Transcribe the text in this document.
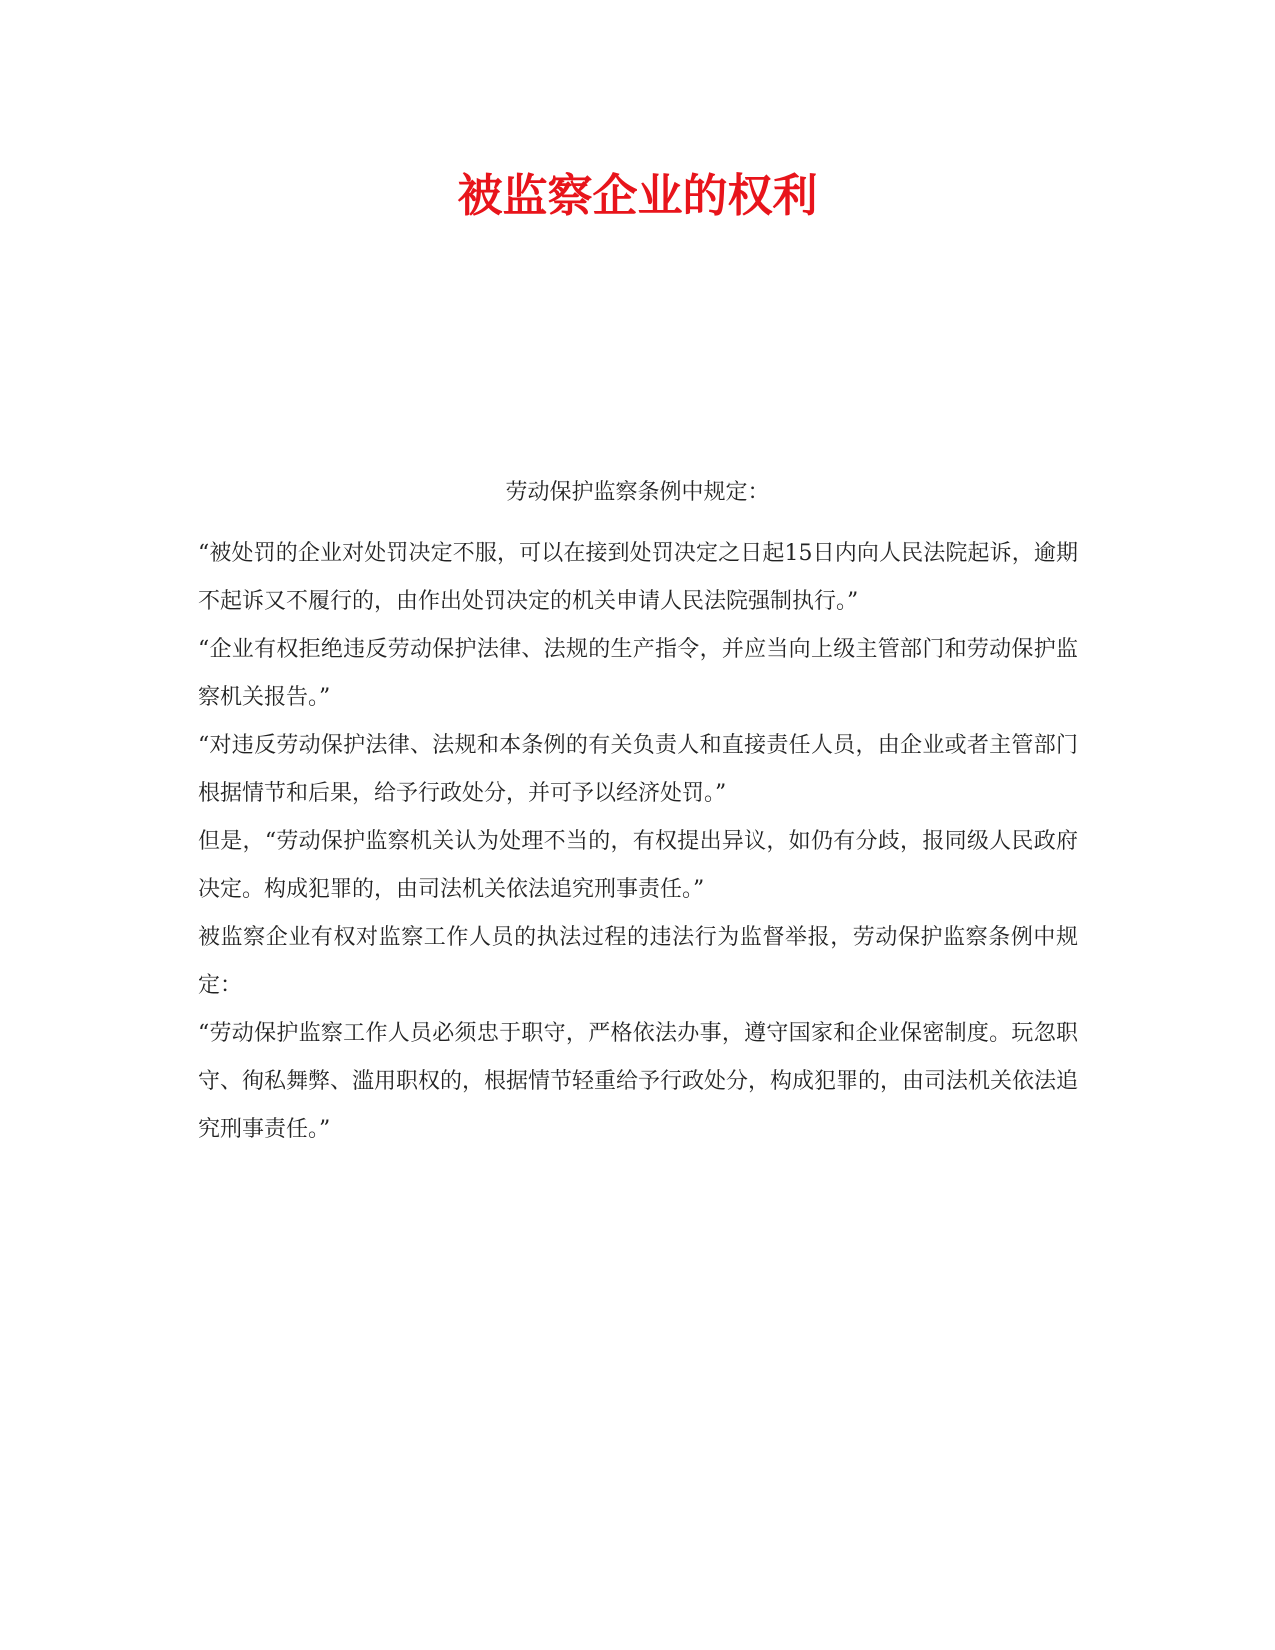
被监察企业的权利

劳动保护监察条例中规定：

“被处罚的企业对处罚决定不服，可以在接到处罚决定之日起15日内向人民法院起诉，逾期不起诉又不履行的，由作出处罚决定的机关申请人民法院强制执行。”

“企业有权拒绝违反劳动保护法律、法规的生产指令，并应当向上级主管部门和劳动保护监察机关报告。”

“对违反劳动保护法律、法规和本条例的有关负责人和直接责任人员，由企业或者主管部门根据情节和后果，给予行政处分，并可予以经济处罚。”

但是，“劳动保护监察机关认为处理不当的，有权提出异议，如仍有分歧，报同级人民政府决定。构成犯罪的，由司法机关依法追究刑事责任。”

被监察企业有权对监察工作人员的执法过程的违法行为监督举报，劳动保护监察条例中规定：

“劳动保护监察工作人员必须忠于职守，严格依法办事，遵守国家和企业保密制度。玩忽职守、徇私舞弊、滥用职权的，根据情节轻重给予行政处分，构成犯罪的，由司法机关依法追究刑事责任。”
